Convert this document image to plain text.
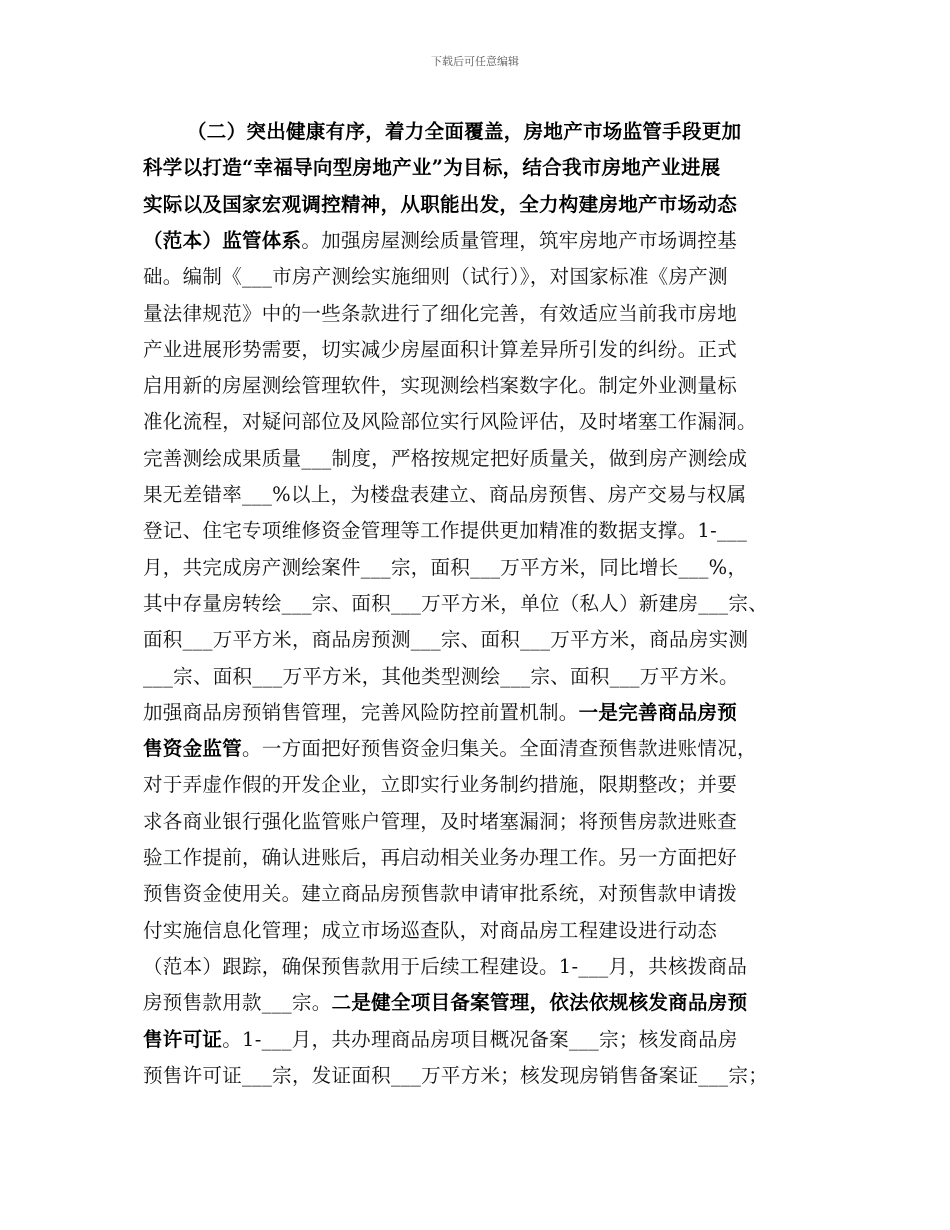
下载后可任意编辑
（二）突出健康有序，着力全面覆盖，房地产市场监管手段更加
科学以打造“幸福导向型房地产业”为目标，结合我市房地产业进展
实际以及国家宏观调控精神，从职能出发，全力构建房地产市场动态
（范本）监管体系。加强房屋测绘质量管理，筑牢房地产市场调控基
础。编制《___市房产测绘实施细则（试行）》，对国家标准《房产测
量法律规范》中的一些条款进行了细化完善，有效适应当前我市房地
产业进展形势需要，切实减少房屋面积计算差异所引发的纠纷。正式
启用新的房屋测绘管理软件，实现测绘档案数字化。制定外业测量标
准化流程，对疑问部位及风险部位实行风险评估，及时堵塞工作漏洞。
完善测绘成果质量___制度，严格按规定把好质量关，做到房产测绘成
果无差错率___%以上，为楼盘表建立、商品房预售、房产交易与权属
登记、住宅专项维修资金管理等工作提供更加精准的数据支撑。1-___
月，共完成房产测绘案件___宗，面积___万平方米，同比增长___%，
其中存量房转绘___宗、面积___万平方米，单位（私人）新建房___宗、
面积___万平方米，商品房预测___宗、面积___万平方米，商品房实测
___宗、面积___万平方米，其他类型测绘___宗、面积___万平方米。
加强商品房预销售管理，完善风险防控前置机制。一是完善商品房预
售资金监管。一方面把好预售资金归集关。全面清查预售款进账情况，
对于弄虚作假的开发企业，立即实行业务制约措施，限期整改；并要
求各商业银行强化监管账户管理，及时堵塞漏洞；将预售房款进账查
验工作提前，确认进账后，再启动相关业务办理工作。另一方面把好
预售资金使用关。建立商品房预售款申请审批系统，对预售款申请拨
付实施信息化管理；成立市场巡查队，对商品房工程建设进行动态
（范本）跟踪，确保预售款用于后续工程建设。1-___月，共核拨商品
房预售款用款___宗。二是健全项目备案管理，依法依规核发商品房预
售许可证。1-___月，共办理商品房项目概况备案___宗；核发商品房
预售许可证___宗，发证面积___万平方米；核发现房销售备案证___宗；
